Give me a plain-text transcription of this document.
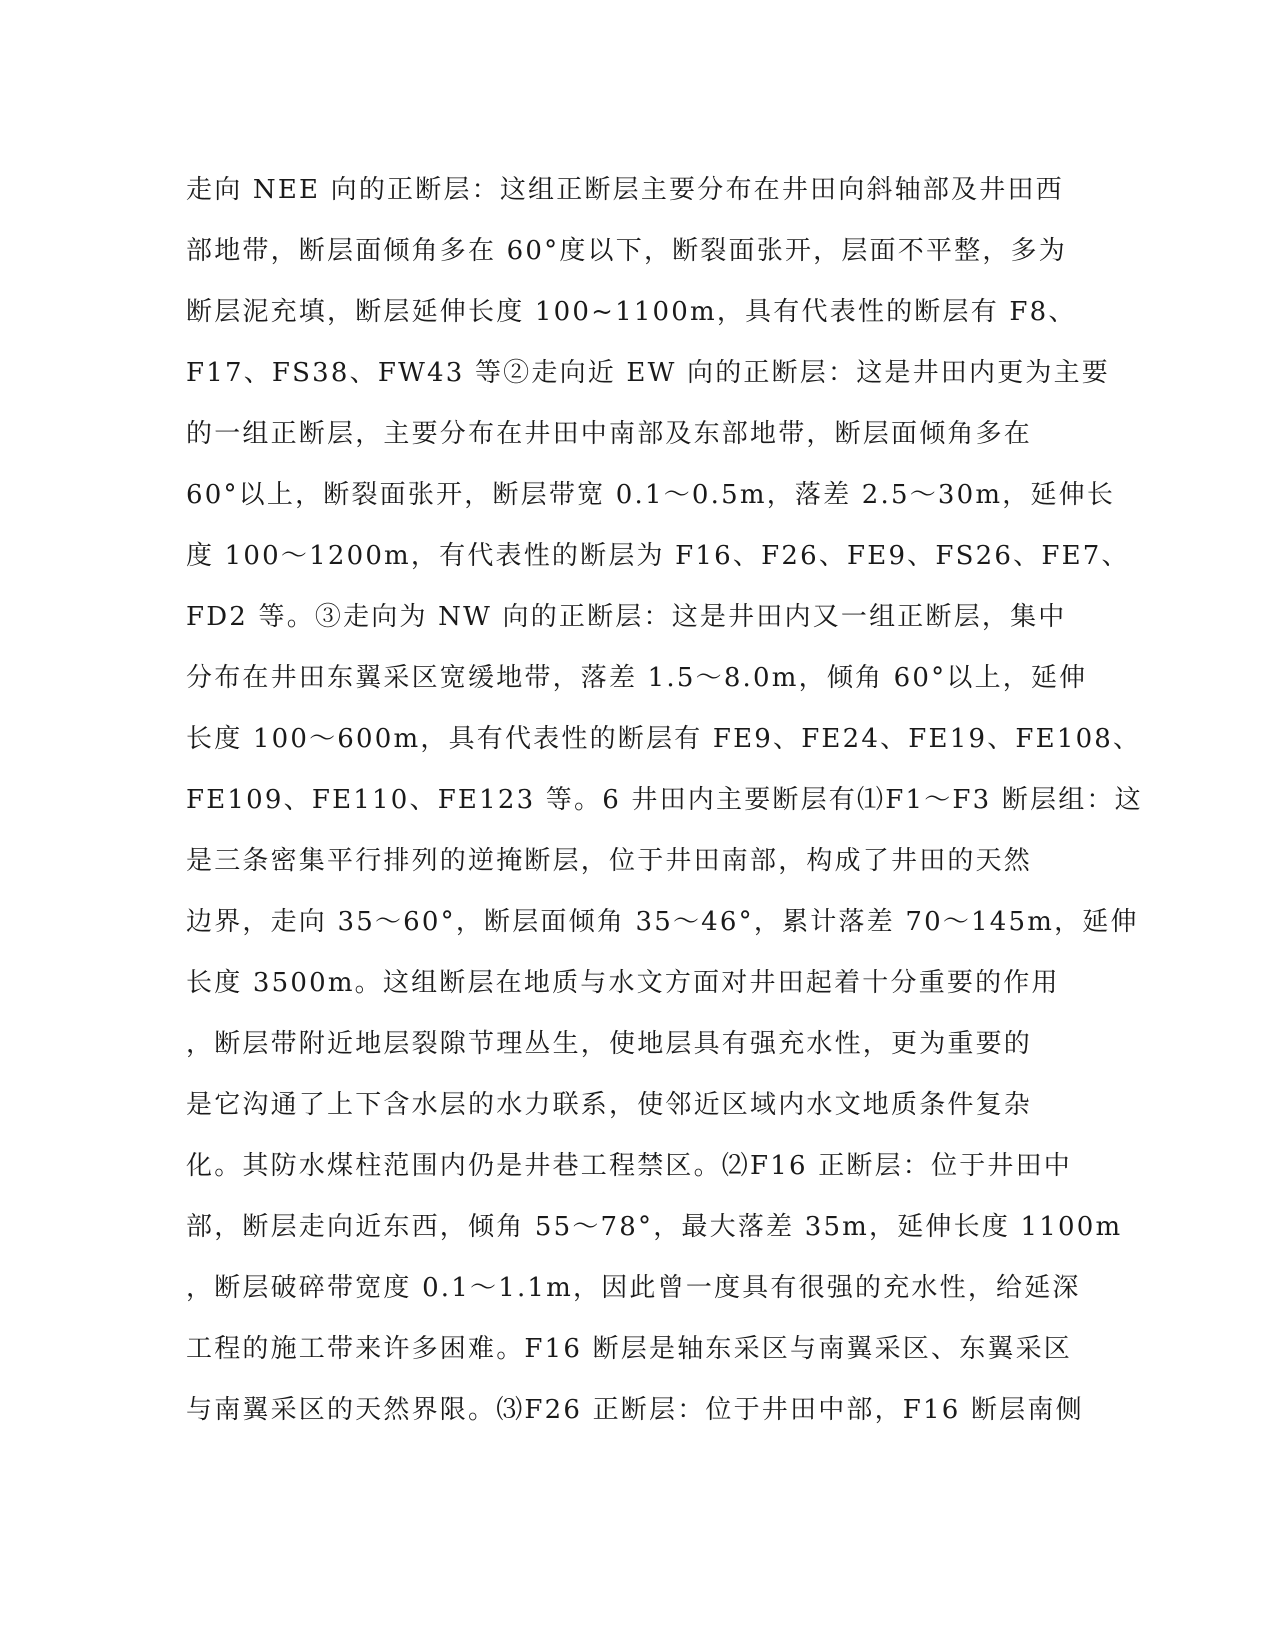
走向 NEE 向的正断层：这组正断层主要分布在井田向斜轴部及井田西
部地带，断层面倾角多在 60°度以下，断裂面张开，层面不平整，多为
断层泥充填，断层延伸长度 100~1100m，具有代表性的断层有 F8、
F17、FS38、FW43 等②走向近 EW 向的正断层：这是井田内更为主要
的一组正断层，主要分布在井田中南部及东部地带，断层面倾角多在
60°以上，断裂面张开，断层带宽 0.1～0.5m，落差 2.5～30m，延伸长
度 100～1200m，有代表性的断层为 F16、F26、FE9、FS26、FE7、
FD2 等。③走向为 NW 向的正断层：这是井田内又一组正断层，集中
分布在井田东翼采区宽缓地带，落差 1.5～8.0m，倾角 60°以上，延伸
长度 100～600m，具有代表性的断层有 FE9、FE24、FE19、FE108、
FE109、FE110、FE123 等。6 井田内主要断层有⑴F1～F3 断层组：这
是三条密集平行排列的逆掩断层，位于井田南部，构成了井田的天然
边界，走向 35～60°，断层面倾角 35～46°，累计落差 70～145m，延伸
长度 3500m。这组断层在地质与水文方面对井田起着十分重要的作用
，断层带附近地层裂隙节理丛生，使地层具有强充水性，更为重要的
是它沟通了上下含水层的水力联系，使邻近区域内水文地质条件复杂
化。其防水煤柱范围内仍是井巷工程禁区。⑵F16 正断层：位于井田中
部，断层走向近东西，倾角 55～78°，最大落差 35m，延伸长度 1100m
，断层破碎带宽度 0.1～1.1m，因此曾一度具有很强的充水性，给延深
工程的施工带来许多困难。F16 断层是轴东采区与南翼采区、东翼采区
与南翼采区的天然界限。⑶F26 正断层：位于井田中部，F16 断层南侧
